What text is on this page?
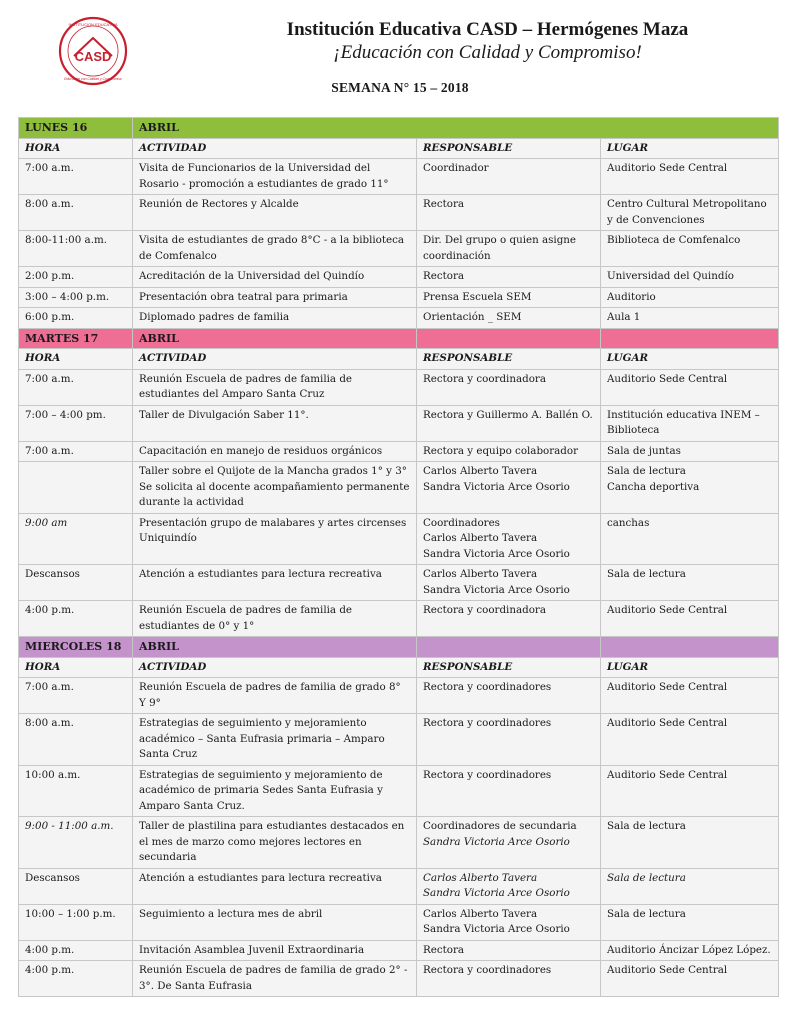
CASD
INSTITUCION EDUCATIVA
Educación con Calidad y Compromiso
Institución Educativa CASD – Hermógenes Maza
¡Educación con Calidad y Compromiso!
SEMANA N° 15 – 2018
LUNES 16	ABRIL		
HORA	ACTIVIDAD	RESPONSABLE	LUGAR

7:00 a.m.	Visita de Funcionarios de la Universidad del Rosario - promoción a estudiantes de grado 11°	Coordinador	Auditorio Sede Central

8:00 a.m.	Reunión de Rectores y Alcalde	Rectora	Centro Cultural Metropolitano y de Convenciones

8:00-11:00 a.m.	Visita de estudiantes de grado 8°C - a la biblioteca de Comfenalco	Dir. Del grupo o quien asigne coordinación	Biblioteca de Comfenalco

2:00 p.m.	Acreditación de la Universidad del Quindío	Rectora	Universidad del Quindío

3:00 – 4:00 p.m.	Presentación obra teatral para primaria	Prensa Escuela SEM	Auditorio

6:00 p.m.	Diplomado padres de familia	Orientación _ SEM	Aula 1

MARTES 17	ABRIL		
HORA	ACTIVIDAD	RESPONSABLE	LUGAR

7:00 a.m.	Reunión Escuela de padres de familia de estudiantes del Amparo Santa Cruz	Rectora y coordinadora	Auditorio Sede Central

7:00 – 4:00 pm.	Taller de Divulgación Saber 11°.	Rectora y Guillermo A. Ballén O.	Institución educativa INEM – Biblioteca

7:00 a.m.	Capacitación en manejo de residuos orgánicos	Rectora y equipo colaborador	Sala de juntas

	Taller sobre el Quijote de la Mancha grados 1° y 3°
Se solicita al docente acompañamiento permanente durante la actividad	Carlos Alberto Tavera
Sandra Victoria Arce Osorio	Sala de lectura
Cancha deportiva

9:00 am	Presentación grupo de malabares y artes circenses Uniquindío	Coordinadores
Carlos Alberto Tavera
Sandra Victoria Arce Osorio	canchas

Descansos	Atención a estudiantes para lectura recreativa	Carlos Alberto Tavera
Sandra Victoria Arce Osorio	Sala de lectura

4:00 p.m.	Reunión Escuela de padres de familia de estudiantes de 0° y 1°	Rectora y coordinadora	Auditorio Sede Central

MIERCOLES 18	ABRIL		
HORA	ACTIVIDAD	RESPONSABLE	LUGAR

7:00 a.m.	Reunión Escuela de padres de familia de grado 8° Y 9°	Rectora y coordinadores	Auditorio Sede Central

8:00 a.m.	Estrategias de seguimiento y mejoramiento académico – Santa Eufrasia primaria – Amparo Santa Cruz	Rectora y coordinadores	Auditorio Sede Central

10:00 a.m.	Estrategias de seguimiento y mejoramiento de académico de primaria Sedes Santa Eufrasia y Amparo Santa Cruz.	Rectora y coordinadores	Auditorio Sede Central

9:00 - 11:00 a.m.	Taller de plastilina para estudiantes destacados en el mes de marzo como mejores lectores en secundaria	Coordinadores de secundaria
Sandra Victoria Arce Osorio	Sala de lectura

Descansos	Atención a estudiantes para lectura recreativa	Carlos Alberto Tavera
Sandra Victoria Arce Osorio	Sala de lectura

10:00 – 1:00 p.m.	Seguimiento a lectura mes de abril	Carlos Alberto Tavera
Sandra Victoria Arce Osorio	Sala de lectura

4:00 p.m.	Invitación Asamblea Juvenil Extraordinaria	Rectora	Auditorio Áncizar López López.

4:00 p.m.	Reunión Escuela de padres de familia de grado 2° - 3°. De Santa Eufrasia	Rectora y coordinadores	Auditorio Sede Central
